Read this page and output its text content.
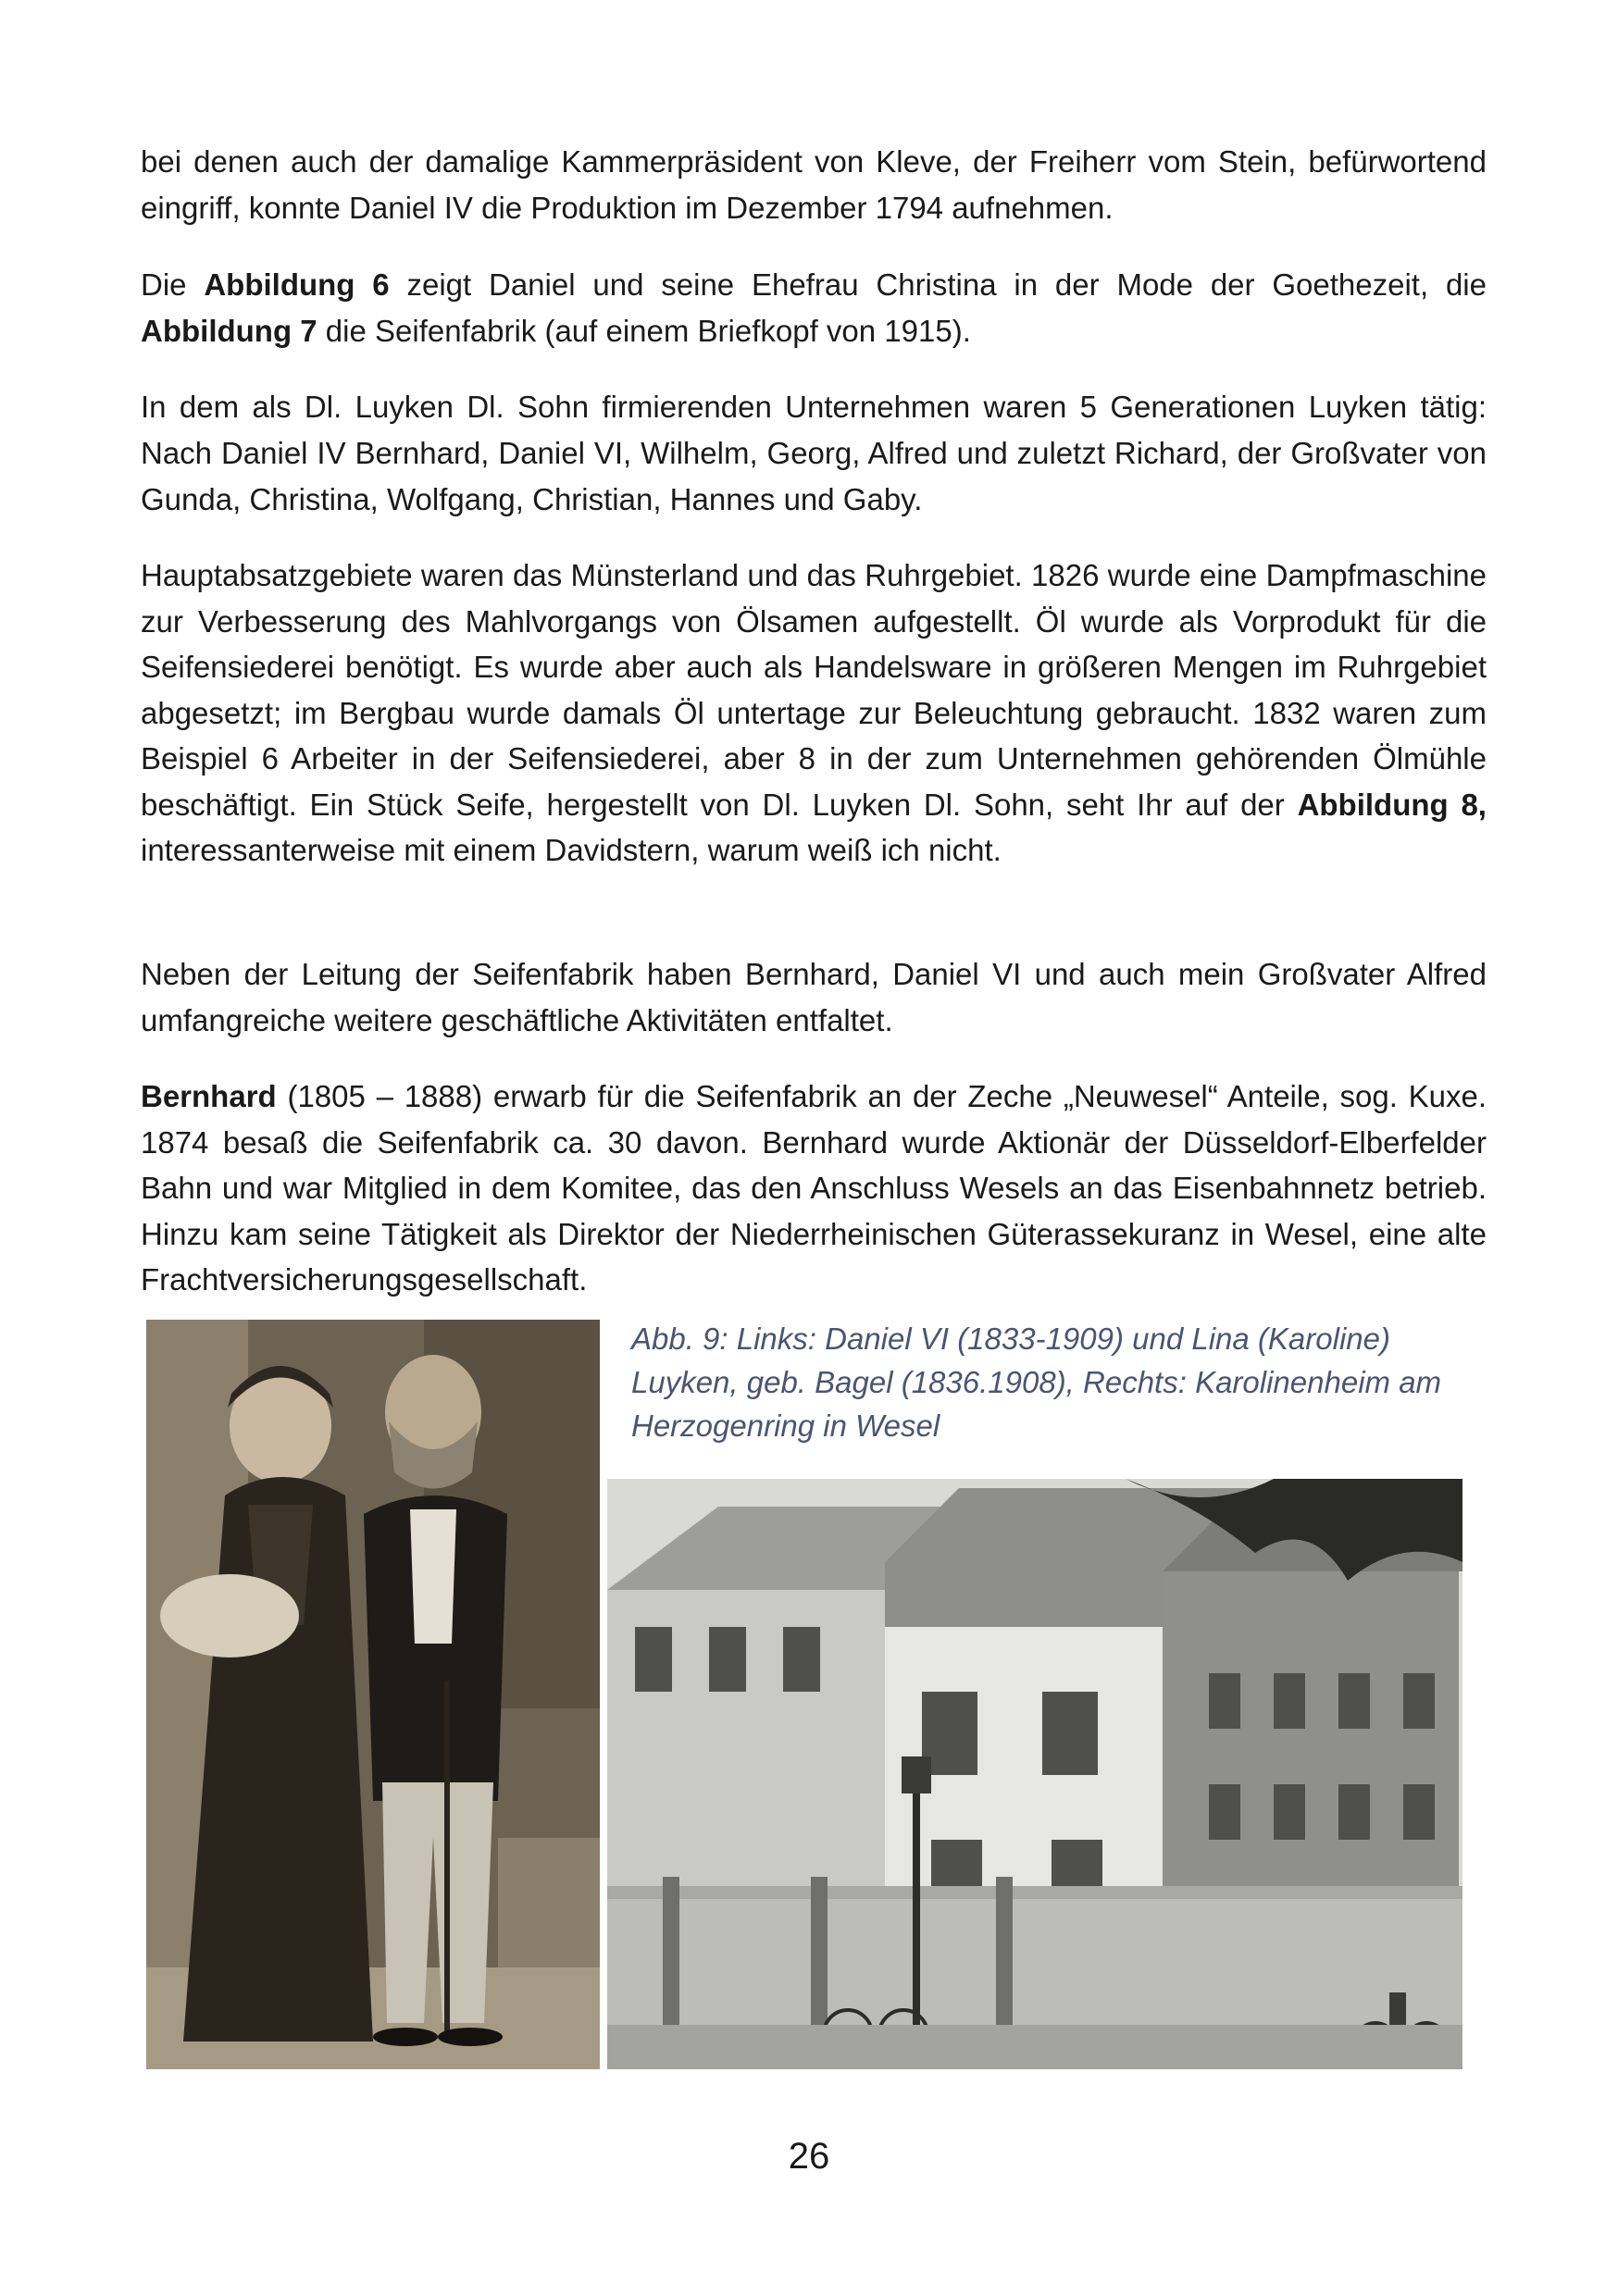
bei denen auch der damalige Kammerpräsident von Kleve, der Freiherr vom Stein, befürwortend eingriff, konnte Daniel IV die Produktion im Dezember 1794 aufnehmen.

Die Abbildung 6 zeigt Daniel und seine Ehefrau Christina in der Mode der Goethezeit, die Abbildung 7 die Seifenfabrik (auf einem Briefkopf von 1915).

In dem als Dl. Luyken Dl. Sohn firmierenden Unternehmen waren 5 Generationen Luyken tätig: Nach Daniel IV Bernhard, Daniel VI, Wilhelm, Georg, Alfred und zuletzt Richard, der Großvater von Gunda, Christina, Wolfgang, Christian, Hannes und Gaby.

Hauptabsatzgebiete waren das Münsterland und das Ruhrgebiet. 1826 wurde eine Dampfmaschine zur Verbesserung des Mahlvorgangs von Ölsamen aufgestellt. Öl wurde als Vorprodukt für die Seifensiederei benötigt. Es wurde aber auch als Handelsware in größeren Mengen im Ruhrgebiet abgesetzt; im Bergbau wurde damals Öl untertage zur Beleuchtung gebraucht. 1832 waren zum Beispiel 6 Arbeiter in der Seifensiederei, aber 8 in der zum Unternehmen gehörenden Ölmühle beschäftigt. Ein Stück Seife, hergestellt von Dl. Luyken Dl. Sohn, seht Ihr auf der Abbildung 8, interessanterweise mit einem Davidstern, warum weiß ich nicht.

Neben der Leitung der Seifenfabrik haben Bernhard, Daniel VI und auch mein Großvater Alfred umfangreiche weitere geschäftliche Aktivitäten entfaltet.

Bernhard (1805 – 1888) erwarb für die Seifenfabrik an der Zeche „Neuwesel“ Anteile, sog. Kuxe. 1874 besaß die Seifenfabrik ca. 30 davon. Bernhard wurde Aktionär der Düsseldorf-Elberfelder Bahn und war Mitglied in dem Komitee, das den Anschluss Wesels an das Eisenbahnnetz betrieb. Hinzu kam seine Tätigkeit als Direktor der Niederrheinischen Güterassekuranz in Wesel, eine alte Frachtversicherungsgesellschaft.

Abb. 9: Links: Daniel VI (1833-1909) und Lina (Karoline) Luyken, geb. Bagel (1836.1908), Rechts: Karolinenheim am Herzogenring in Wesel

26
